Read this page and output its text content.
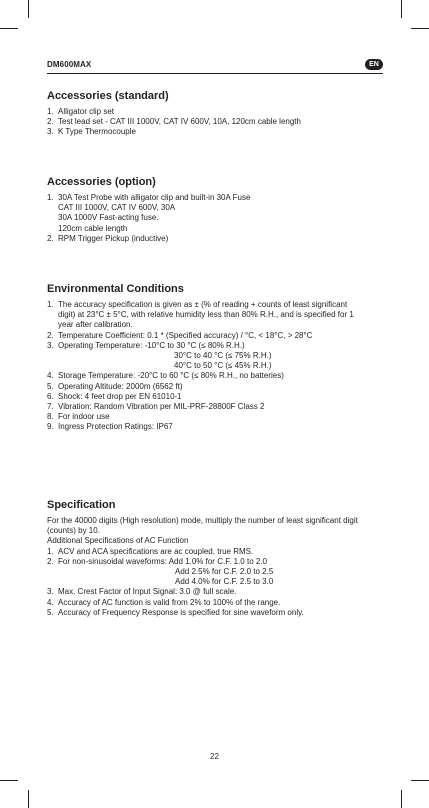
DM600MAX	EN
Accessories (standard)
1. Alligator clip set
2. Test lead set - CAT III 1000V, CAT IV 600V, 10A, 120cm cable length
3. K Type Thermocouple
Accessories (option)
1. 30A Test Probe with alligator clip and built-in 30A Fuse
CAT III 1000V, CAT IV 600V, 30A
30A 1000V Fast-acting fuse.
120cm cable length
2. RPM Trigger Pickup (inductive)
Environmental Conditions
1. The accuracy specification is given as ± (% of reading + counts of least significant
digit) at 23°C ± 5°C, with relative humidity less than 80% R.H., and is specified for 1
year after calibration.
2. Temperature Coefficient: 0.1 * (Specified accuracy) / °C, < 18°C, > 28°C
3. Operating Temperature: -10°C to 30 °C (≤ 80% R.H.)
30°C to 40 °C (≤ 75% R.H.)
40°C to 50 °C (≤ 45% R.H.)
4. Storage Temperature: -20°C to 60 °C (≤ 80% R.H., no batteries)
5. Operating Altitude: 2000m (6562 ft)
6. Shock: 4 feet drop per EN 61010-1
7. Vibration: Random Vibration per MIL-PRF-28800F Class 2
8. For indoor use
9. Ingress Protection Ratings: IP67
Specification
For the 40000 digits (High resolution) mode, multiply the number of least significant digit
(counts) by 10.
Additional Specifications of AC Function
1. ACV and ACA specifications are ac coupled, true RMS.
2. For non-sinusoidal waveforms: Add 1.0% for C.F. 1.0 to 2.0
Add 2.5% for C.F. 2.0 to 2.5
Add 4.0% for C.F. 2.5 to 3.0
3. Max. Crest Factor of Input Signal: 3.0 @ full scale.
4. Accuracy of AC function is valid from 2% to 100% of the range.
5. Accuracy of Frequency Response is specified for sine waveform only.
22
